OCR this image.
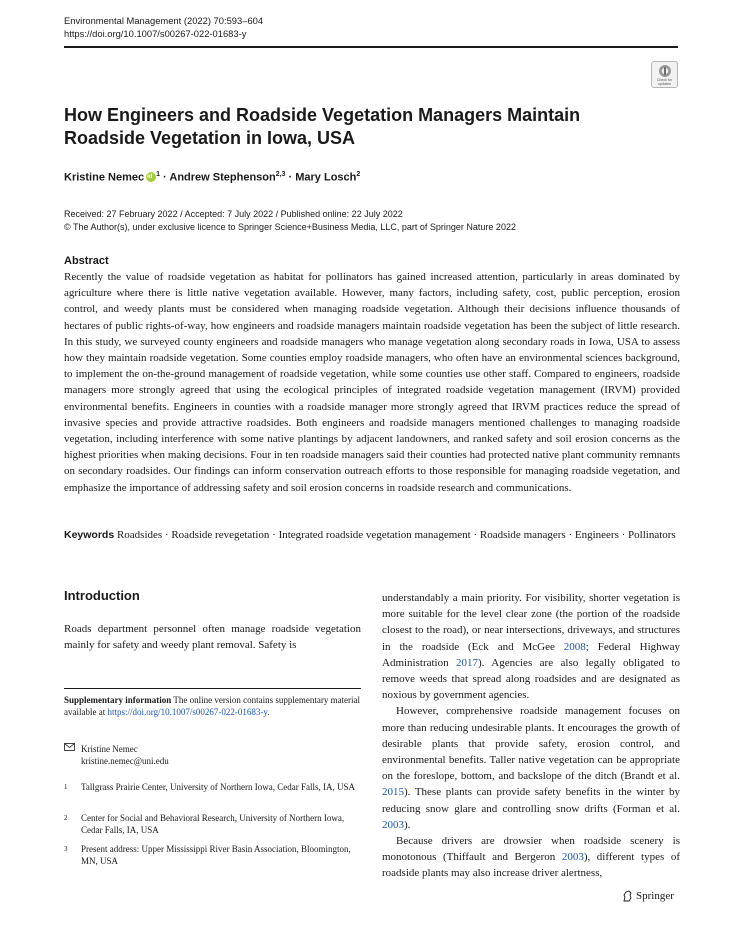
Environmental Management (2022) 70:593–604
https://doi.org/10.1007/s00267-022-01683-y
Check for updates
How Engineers and Roadside Vegetation Managers Maintain Roadside Vegetation in Iowa, USA
Kristine Nemecid $^1$ · Andrew Stephenson$^{2,3}$ · Mary Losch$^2$
Received: 27 February 2022 / Accepted: 7 July 2022 / Published online: 22 July 2022
© The Author(s), under exclusive licence to Springer Science+Business Media, LLC, part of Springer Nature 2022
Abstract
Recently the value of roadside vegetation as habitat for pollinators has gained increased attention, particularly in areas dominated by agriculture where there is little native vegetation available. However, many factors, including safety, cost, public perception, erosion control, and weedy plants must be considered when managing roadside vegetation. Although their decisions influence thousands of hectares of public rights-of-way, how engineers and roadside managers maintain roadside vegetation has been the subject of little research. In this study, we surveyed county engineers and roadside managers who manage vegetation along secondary roads in Iowa, USA to assess how they maintain roadside vegetation. Some counties employ roadside managers, who often have an environmental sciences background, to implement the on-the-ground management of roadside vegetation, while some counties use other staff. Compared to engineers, roadside managers more strongly agreed that using the ecological principles of integrated roadside vegetation management (IRVM) provided environmental benefits. Engineers in counties with a roadside manager more strongly agreed that IRVM practices reduce the spread of invasive species and provide attractive roadsides. Both engineers and roadside managers mentioned challenges to managing roadside vegetation, including interference with some native plantings by adjacent landowners, and ranked safety and soil erosion concerns as the highest priorities when making decisions. Four in ten roadside managers said their counties had protected native plant community remnants on secondary roadsides. Our findings can inform conservation outreach efforts to those responsible for managing roadside vegetation, and emphasize the importance of addressing safety and soil erosion concerns in roadside research and communications.
Keywords Roadsides · Roadside revegetation · Integrated roadside vegetation management · Roadside managers · Engineers · Pollinators
Introduction
Roads department personnel often manage roadside vegetation mainly for safety and weedy plant removal. Safety is
Supplementary information The online version contains supplementary material available at https://doi.org/10.1007/s00267-022-01683-y.
Kristine Nemec
kristine.nemec@uni.edu
1	Tallgrass Prairie Center, University of Northern Iowa, Cedar Falls, IA, USA
2	Center for Social and Behavioral Research, University of Northern Iowa, Cedar Falls, IA, USA
3	Present address: Upper Mississippi River Basin Association, Bloomington, MN, USA

understandably a main priority. For visibility, shorter vegetation is more suitable for the level clear zone (the portion of the roadside closest to the road), or near intersections, driveways, and structures in the roadside (Eck and McGee 2008; Federal Highway Administration 2017). Agencies are also legally obligated to remove weeds that spread along roadsides and are designated as noxious by government agencies.

However, comprehensive roadside management focuses on more than reducing undesirable plants. It encourages the growth of desirable plants that provide safety, erosion control, and environmental benefits. Taller native vegetation can be appropriate on the foreslope, bottom, and backslope of the ditch (Brandt et al. 2015). These plants can provide safety benefits in the winter by reducing snow glare and controlling snow drifts (Forman et al. 2003).

Because drivers are drowsier when roadside scenery is monotonous (Thiffault and Bergeron 2003), different types of roadside plants may also increase driver alertness,

Springer
